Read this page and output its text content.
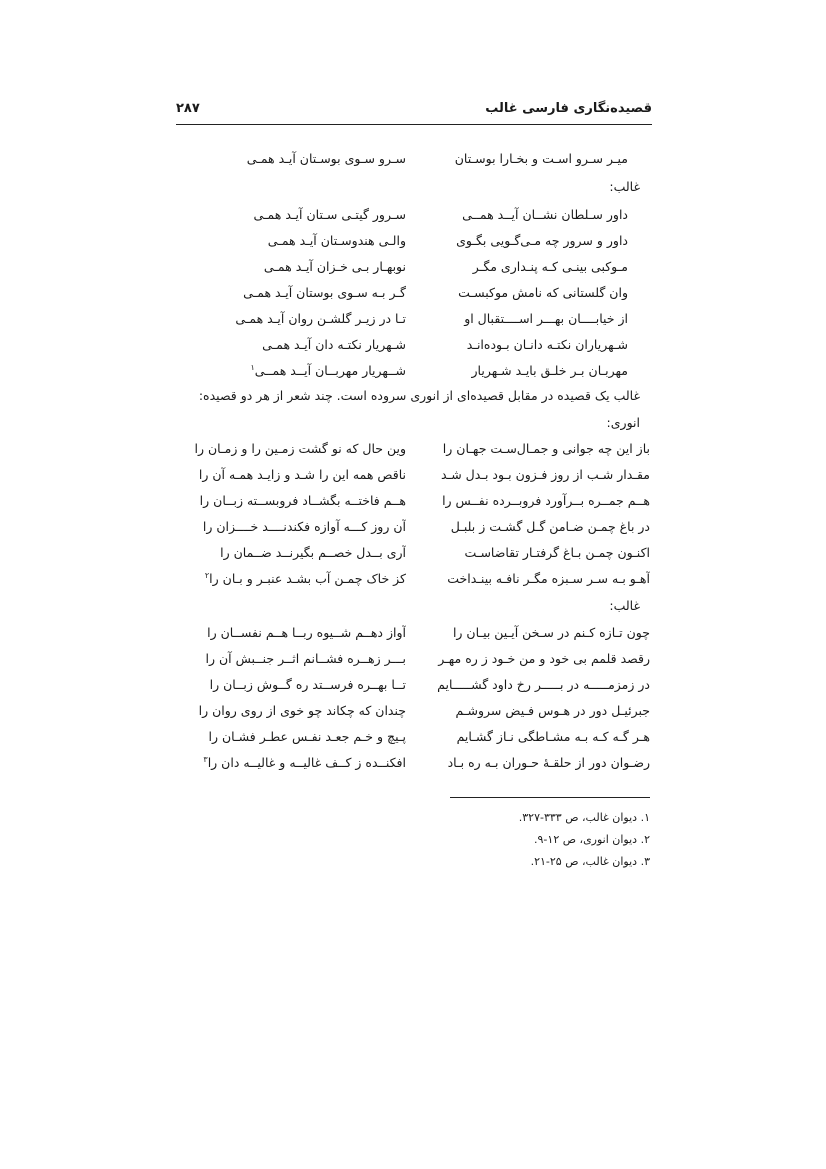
قصیده‌نگاری فارسی غالب
۲۸۷
میـر سـرو اسـت و بخـارا بوسـتان
سـرو سـوی بوسـتان آیـد همـی
غالب:
داور سـلطان نشــان آیــد همــی
سـرور گیتـی سـتان آیـد همـی
داور و سرور چه مـی‌گـویی بگـوی
والـی هندوسـتان آیـد همـی
مـوکبی بینـی کـه پنـداری مگـر
نوبهـار بـی خـزان آیـد همـی
وان گلستانی که نامش موکبسـت
گـر بـه سـوی بوستان آیـد همـی
از خیابــــان بهـــر اســــتقبال او
تـا در زیـر گلشـن روان آیـد همـی
شـهریاران نکتـه دانـان بـوده‌انـد
شـهریار نکتـه دان آیـد همـی
مهربـان بـر خلـق بایـد شـهریار
شــهریار مهربــان آیــد همــی$^۱$
غالب یک قصیده در مقابل قصیده‌ای از انوری سروده است. چند شعر از هر دو قصیده:
انوری:
باز این چه جوانی و جمـال‌سـت جهـان را
وین حال که نو گشت زمـین را و زمـان را
مقـدار شـب از روز فـزون بـود بـدل شـد
ناقص همه این را شـد و زایـد همـه آن را
هــم جمــره بــرآورد فروبــرده نفــس را
هــم فاختــه بگشــاد فروبســته زبــان را
در باغ چمـن ضـامن گـل گشـت ز بلبـل
آن روز کـــه آوازه فکندنــــد خــــزان را
اکنـون چمـن بـاغ گرفتـار تقاضاسـت
آری بــدل خصــم بگیرنــد ضــمان را
آهـو بـه سـر سـبزه مگـر نافـه بینـداخت
کز خاک چمـن آب بشـد عنبـر و بـان را$^۲$
غالب:
چون تـازه کـنم در سـخن آیـین بیـان را
آواز دهــم شــیوه ربــا هــم نفســان را
رقصد قلمم بی خود و من خـود ز ره مهـر
بـــر زهــره فشــانم اثــر جنــبش آن را
در زمزمـــــه در بـــــر رخ داود گشـــــایم
تــا بهــره فرســتد ره گــوش زبــان را
جبرئیـل دور در هـوس فـیض سروشـم
چندان که چکاند چو خوی از روی روان را
هـر گـه کـه بـه مشـاطگی نـاز گشـایم
پـیچ و خـم جعـد نفـس عطـر فشـان را
رضـوان دور از حلقـهٔ حـوران بـه ره بـاد
افکنــده ز کــف غالیــه و غالیــه دان را$^۳$
۱. دیوان غالب، ص ۳۳۳-۳۲۷.
۲. دیوان انوری، ص ۱۲-۹.
۳. دیوان غالب، ص ۲۵-۲۱.
